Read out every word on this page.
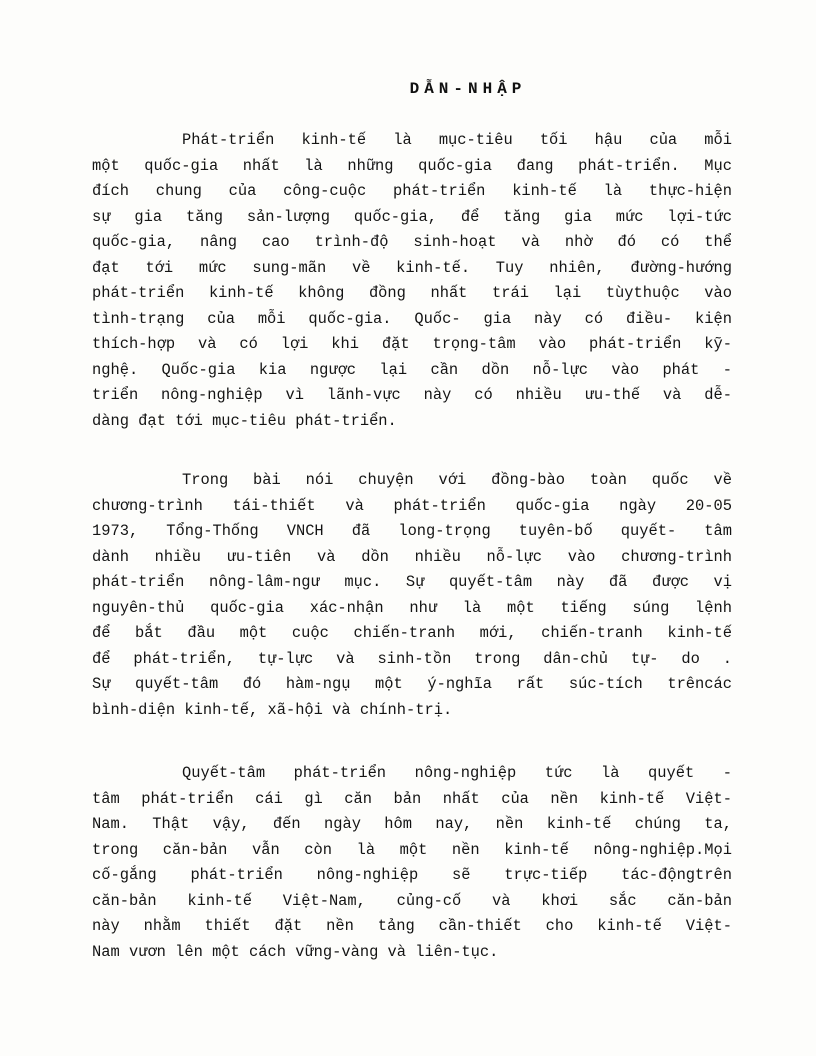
DẪN-NHẬP
Phát-triển kinh-tế là mục-tiêu tối hậu của mỗi
một quốc-gia nhất là những quốc-gia đang phát-triển. Mục
đích chung của công-cuộc phát-triển kinh-tế là thực-hiện
sự gia tăng sản-lượng quốc-gia, để tăng gia mức lợi-tức
quốc-gia, nâng cao trình-độ sinh-hoạt và nhờ đó có thể
đạt tới mức sung-mãn về kinh-tế. Tuy nhiên, đường-hướng
phát-triển kinh-tế không đồng nhất trái lại tùythuộc vào
tình-trạng của mỗi quốc-gia. Quốc- gia này có điều- kiện
thích-hợp và có lợi khi đặt trọng-tâm vào phát-triển kỹ-
nghệ. Quốc-gia kia ngược lại cần dồn nỗ-lực vào phát -
triển nông-nghiệp vì lãnh-vực này có nhiều ưu-thế và dễ-
dàng đạt tới mục-tiêu phát-triển.
Trong bài nói chuyện với đồng-bào toàn quốc về
chương-trình tái-thiết và phát-triển quốc-gia ngày 20-05
1973, Tổng-Thống VNCH đã long-trọng tuyên-bố quyết- tâm
dành nhiều ưu-tiên và dồn nhiều nỗ-lực vào chương-trình
phát-triển nông-lâm-ngư mục. Sự quyết-tâm này đã được vị
nguyên-thủ quốc-gia xác-nhận như là một tiếng súng lệnh
để bắt đầu một cuộc chiến-tranh mới, chiến-tranh kinh-tế
để phát-triển, tự-lực và sinh-tồn trong dân-chủ tự- do .
Sự quyết-tâm đó hàm-ngụ một ý-nghĩa rất súc-tích trêncác
bình-diện kinh-tế, xã-hội và chính-trị.
Quyết-tâm phát-triển nông-nghiệp tức là quyết -
tâm phát-triển cái gì căn bản nhất của nền kinh-tế Việt-
Nam. Thật vậy, đến ngày hôm nay, nền kinh-tế chúng ta,
trong căn-bản vẫn còn là một nền kinh-tế nông-nghiệp.Mọi
cố-gắng phát-triển nông-nghiệp sẽ trực-tiếp tác-độngtrên
căn-bản kinh-tế Việt-Nam, củng-cố và khơi sắc căn-bản
này nhằm thiết đặt nền tảng cần-thiết cho kinh-tế Việt-
Nam vươn lên một cách vững-vàng và liên-tục.
